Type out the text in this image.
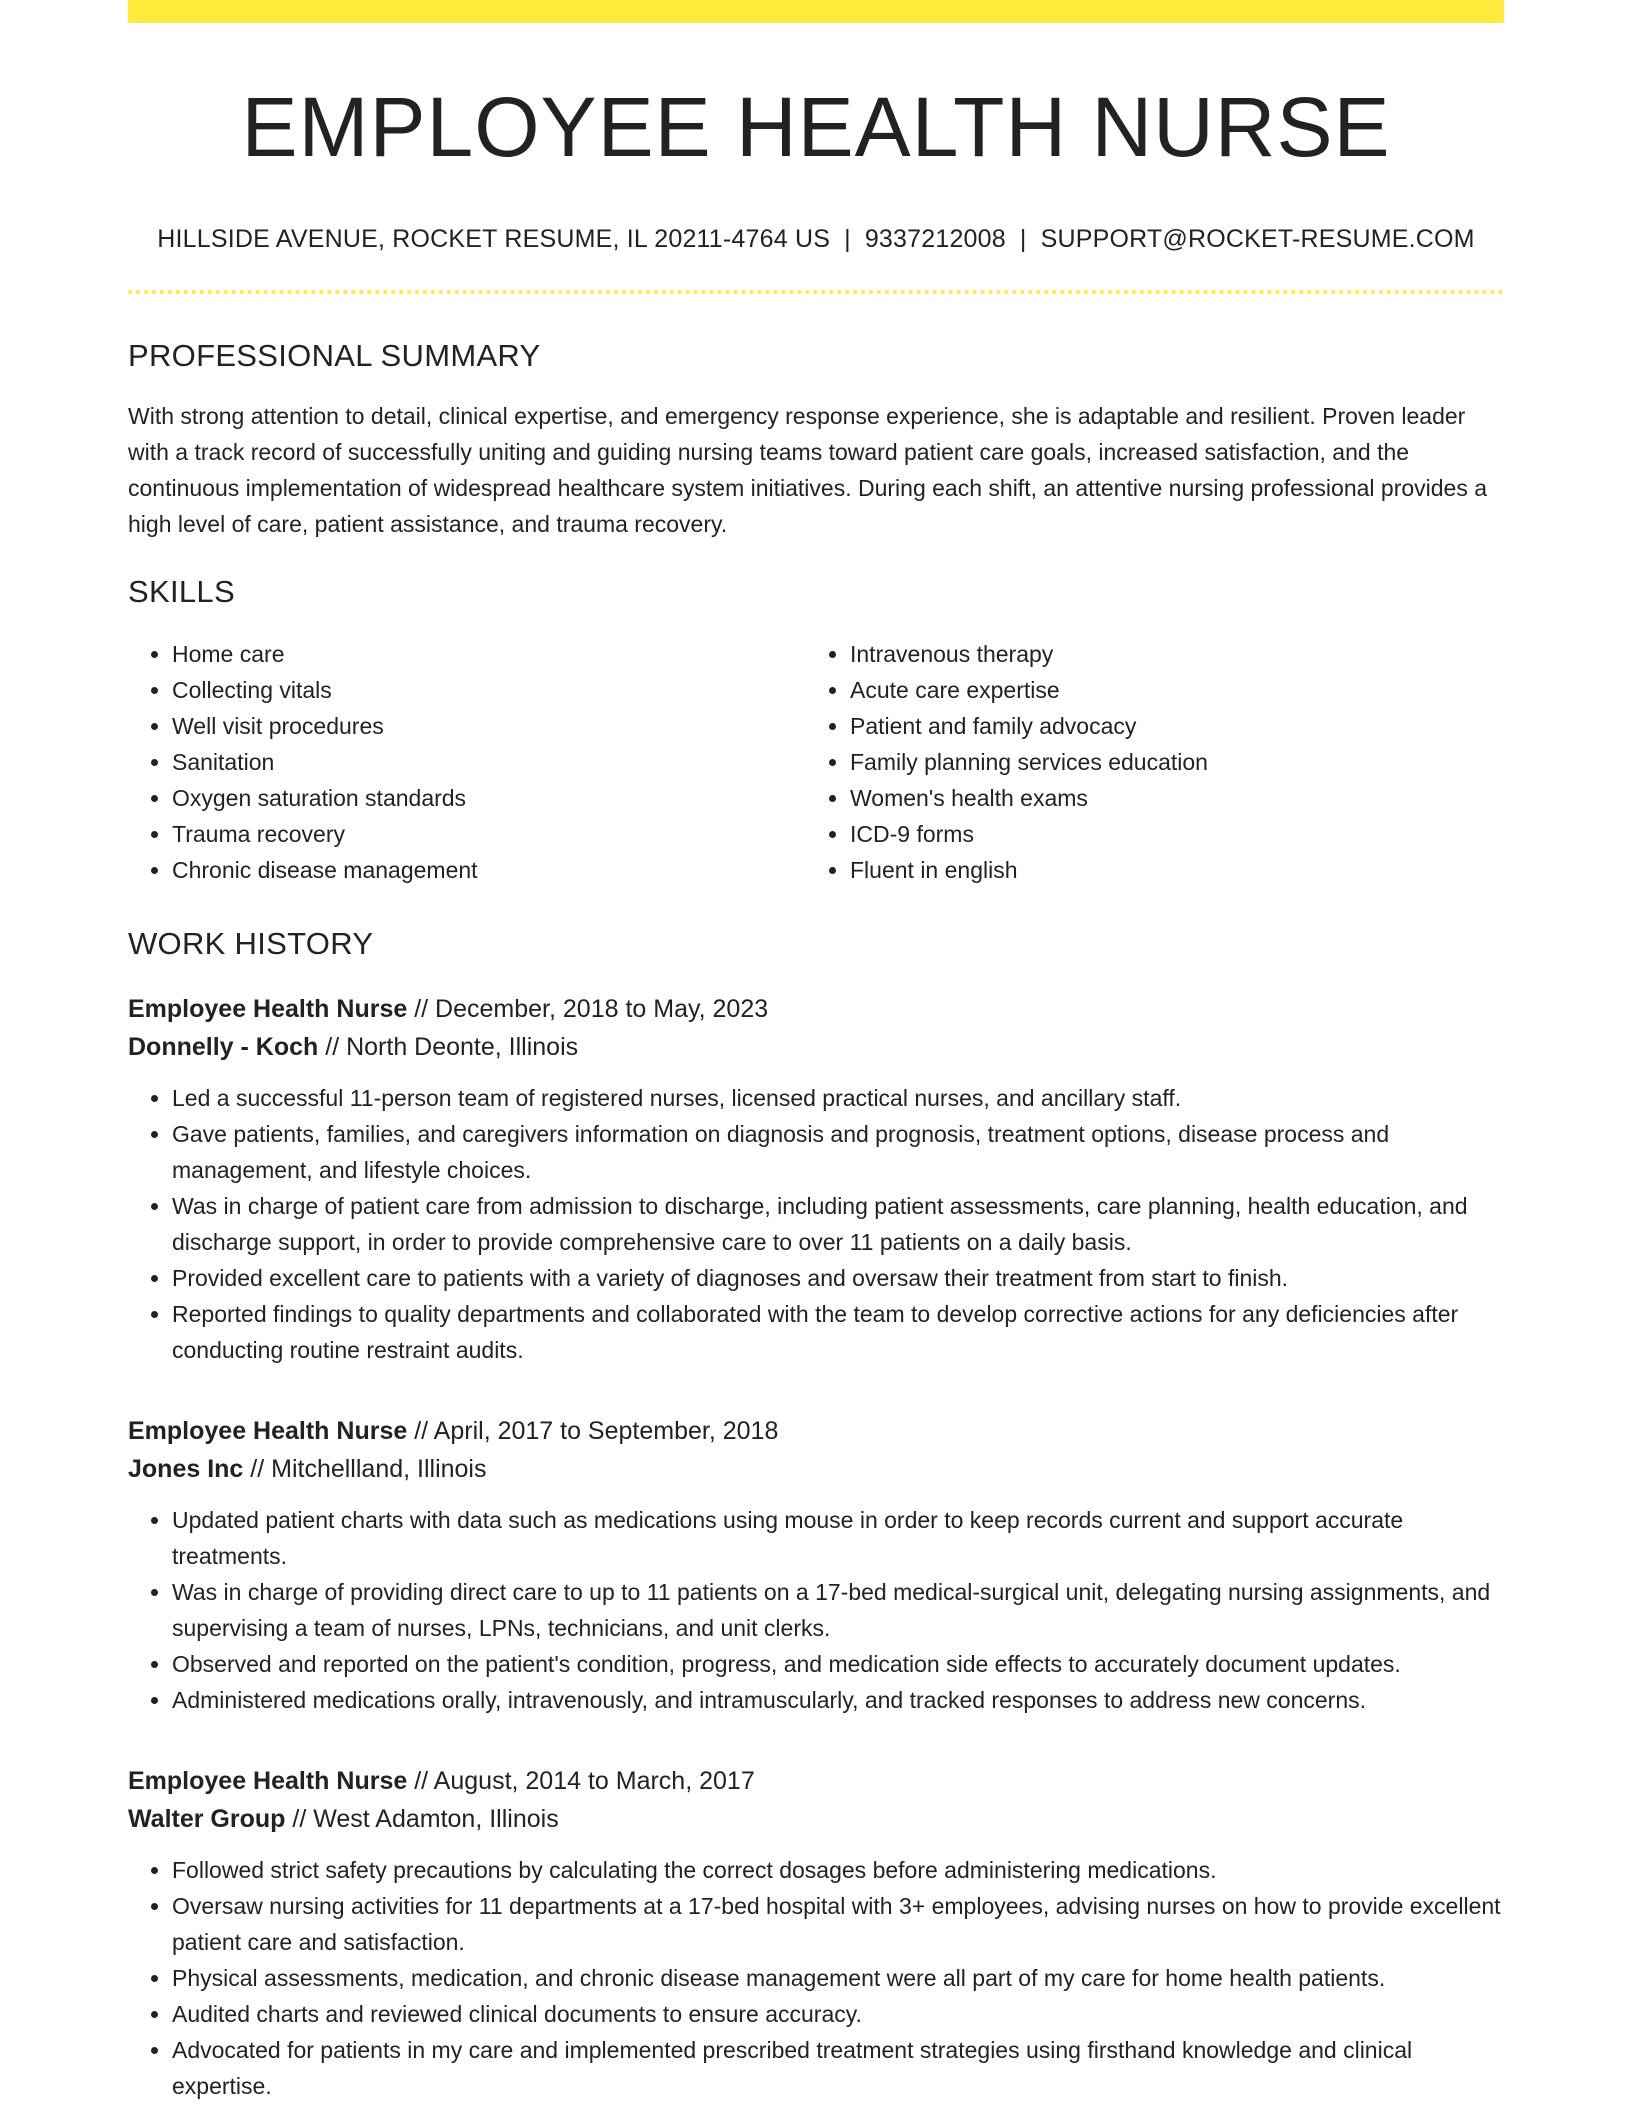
EMPLOYEE HEALTH NURSE
HILLSIDE AVENUE, ROCKET RESUME, IL 20211-4764 US | 9337212008 | SUPPORT@ROCKET-RESUME.COM
PROFESSIONAL SUMMARY
With strong attention to detail, clinical expertise, and emergency response experience, she is adaptable and resilient. Proven leader with a track record of successfully uniting and guiding nursing teams toward patient care goals, increased satisfaction, and the continuous implementation of widespread healthcare system initiatives. During each shift, an attentive nursing professional provides a high level of care, patient assistance, and trauma recovery.
SKILLS
• Home care
• Collecting vitals
• Well visit procedures
• Sanitation
• Oxygen saturation standards
• Trauma recovery
• Chronic disease management
• Intravenous therapy
• Acute care expertise
• Patient and family advocacy
• Family planning services education
• Women's health exams
• ICD-9 forms
• Fluent in english
WORK HISTORY
Employee Health Nurse // December, 2018 to May, 2023
Donnelly - Koch // North Deonte, Illinois
• Led a successful 11-person team of registered nurses, licensed practical nurses, and ancillary staff.
• Gave patients, families, and caregivers information on diagnosis and prognosis, treatment options, disease process and management, and lifestyle choices.
• Was in charge of patient care from admission to discharge, including patient assessments, care planning, health education, and discharge support, in order to provide comprehensive care to over 11 patients on a daily basis.
• Provided excellent care to patients with a variety of diagnoses and oversaw their treatment from start to finish.
• Reported findings to quality departments and collaborated with the team to develop corrective actions for any deficiencies after conducting routine restraint audits.
Employee Health Nurse // April, 2017 to September, 2018
Jones Inc // Mitchellland, Illinois
• Updated patient charts with data such as medications using mouse in order to keep records current and support accurate treatments.
• Was in charge of providing direct care to up to 11 patients on a 17-bed medical-surgical unit, delegating nursing assignments, and supervising a team of nurses, LPNs, technicians, and unit clerks.
• Observed and reported on the patient's condition, progress, and medication side effects to accurately document updates.
• Administered medications orally, intravenously, and intramuscularly, and tracked responses to address new concerns.
Employee Health Nurse // August, 2014 to March, 2017
Walter Group // West Adamton, Illinois
• Followed strict safety precautions by calculating the correct dosages before administering medications.
• Oversaw nursing activities for 11 departments at a 17-bed hospital with 3+ employees, advising nurses on how to provide excellent patient care and satisfaction.
• Physical assessments, medication, and chronic disease management were all part of my care for home health patients.
• Audited charts and reviewed clinical documents to ensure accuracy.
• Advocated for patients in my care and implemented prescribed treatment strategies using firsthand knowledge and clinical expertise.
